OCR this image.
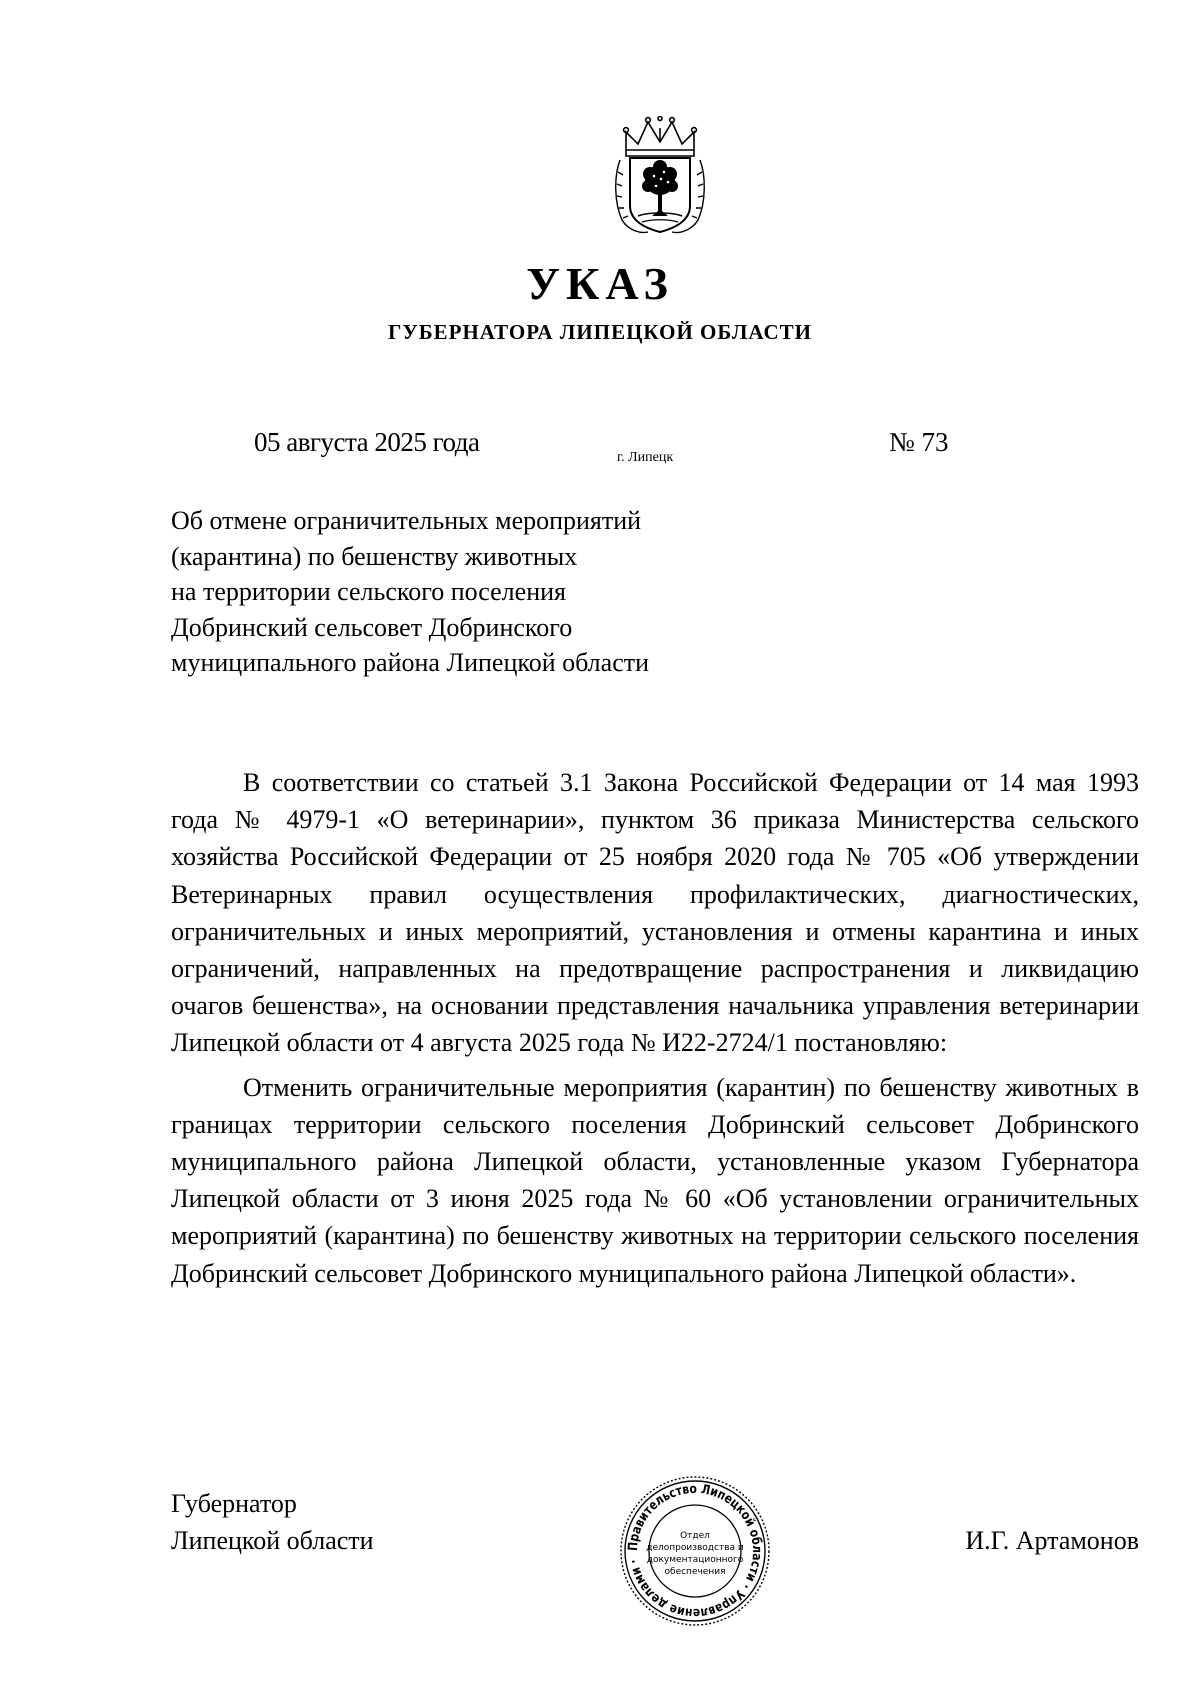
УКАЗ
ГУБЕРНАТОРА ЛИПЕЦКОЙ ОБЛАСТИ
05 августа 2025 года
г. Липецк
№ 73
Об отмене ограничительных мероприятий
(карантина) по бешенству животных
на территории сельского поселения
Добринский сельсовет Добринского
муниципального района Липецкой области

В соответствии со статьей 3.1 Закона Российской Федерации от 14 мая 1993 года № 4979-1 «О ветеринарии», пунктом 36 приказа Министерства сельского хозяйства Российской Федерации от 25 ноября 2020 года № 705 «Об утверждении Ветеринарных правил осуществления профилактических, диагностических, ограничительных и иных мероприятий, установления и отмены карантина и иных ограничений, направленных на предотвращение распространения и ликвидацию очагов бешенства», на основании представления начальника управления ветеринарии Липецкой области от 4 августа 2025 года № И22-2724/1 постановляю:

Отменить ограничительные мероприятия (карантин) по бешенству животных в границах территории сельского поселения Добринский сельсовет Добринского муниципального района Липецкой области, установленные указом Губернатора Липецкой области от 3 июня 2025 года № 60 «Об установлении ограничительных мероприятий (карантина) по бешенству животных на территории сельского поселения Добринский сельсовет Добринского муниципального района Липецкой области».

Губернатор
Липецкой области	Правительство Липецкой области · Управление делами ·
Отдел
делопроизводства и
документационного
обеспечения
И.Г. Артамонов
